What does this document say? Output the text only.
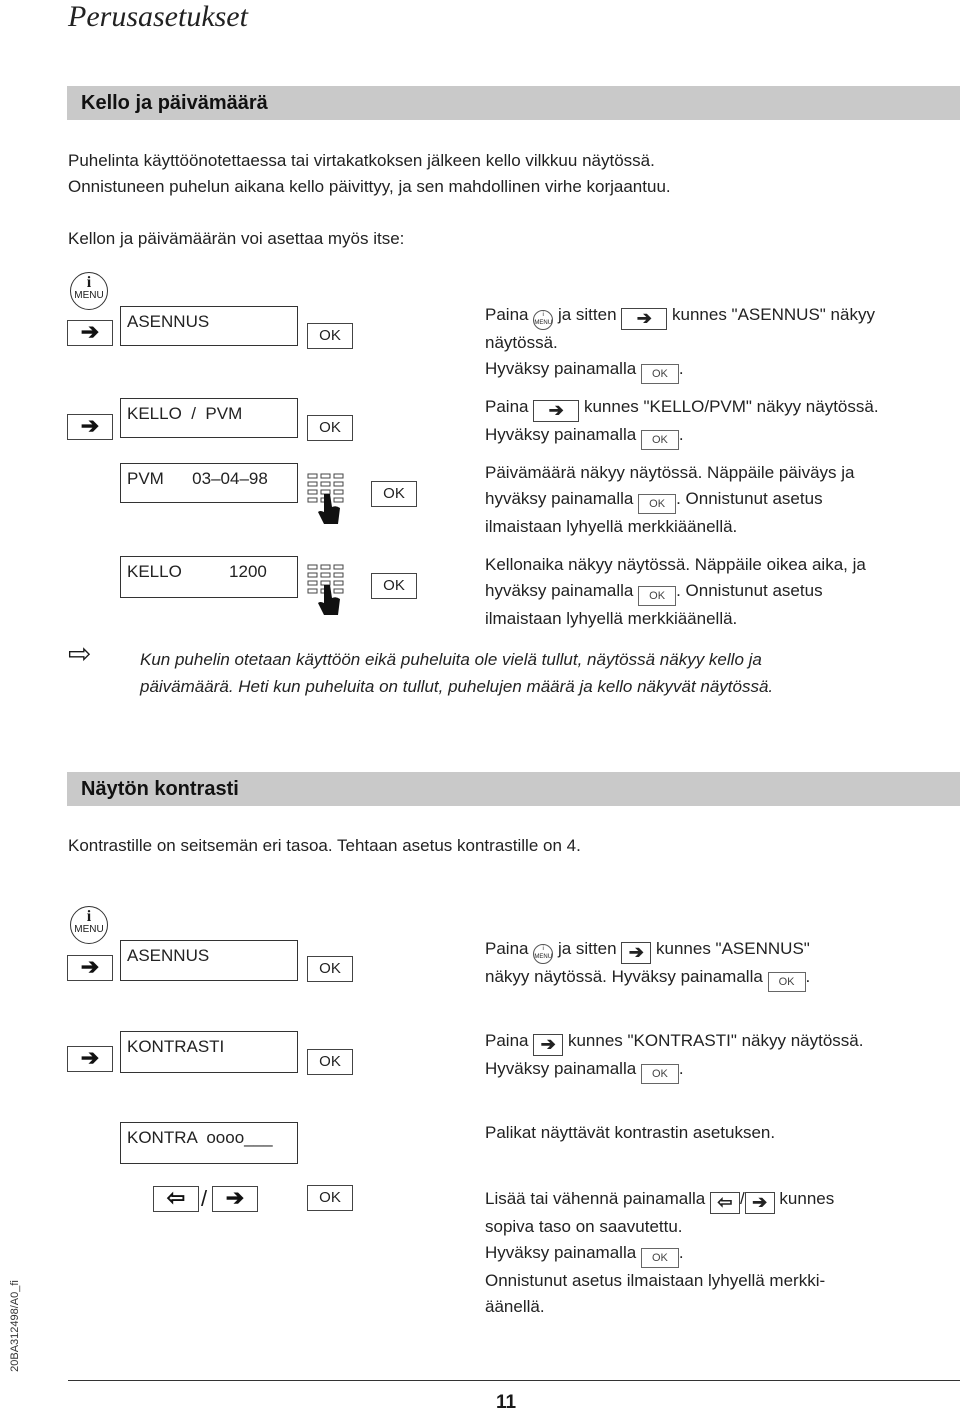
Perusasetukset
Kello ja päivämäärä
Puhelinta käyttöönotettaessa tai virtakatkoksen jälkeen kello vilkkuu näytössä.
Onnistuneen puhelun aikana kello päivittyy, ja sen mahdollinen virhe korjaantuu.
Kellon ja päivämäärän voi asettaa myös itse:
i
MENU
➔	ASENNUS
OK
➔	KELLO  /  PVM
OK
PVM      03–04–98
OK
KELLO          1200
OK
Paina i
MENU ja sitten ➔ kunnes "ASENNUS" näkyy
näytössä.
Hyväksy painamalla OK .
Paina ➔ kunnes "KELLO/PVM" näkyy näytössä.
Hyväksy painamalla OK .
Päivämäärä näkyy näytössä. Näppäile päiväys ja
hyväksy painamalla OK . Onnistunut asetus
ilmaistaan lyhyellä merkkiäänellä.
Kellonaika näkyy näytössä. Näppäile oikea aika, ja
hyväksy painamalla OK . Onnistunut asetus
ilmaistaan lyhyellä merkkiäänellä.
⇨	Kun puhelin otetaan käyttöön eikä puheluita ole vielä tullut, näytössä näkyy kello ja
päivämäärä. Heti kun puheluita on tullut, puhelujen määrä ja kello näkyvät näytössä.
Näytön kontrasti
Kontrastille on seitsemän eri tasoa. Tehtaan asetus kontrastille on 4.
i
MENU
➔	ASENNUS
OK
➔	KONTRASTI
OK
KONTRA  oooo___
⇦ / ➔	OK
Paina i
MENU ja sitten ➔ kunnes "ASENNUS"
näkyy näytössä. Hyväksy painamalla OK .
Paina ➔ kunnes "KONTRASTI" näkyy näytössä.
Hyväksy painamalla OK .
Palikat näyttävät kontrastin asetuksen.
Lisää tai vähennä painamalla ⇦ / ➔ kunnes
sopiva taso on saavutettu.
Hyväksy painamalla OK .
Onnistunut asetus ilmaistaan lyhyellä merkki-
äänellä.
20BA312498/A0_fi
11
